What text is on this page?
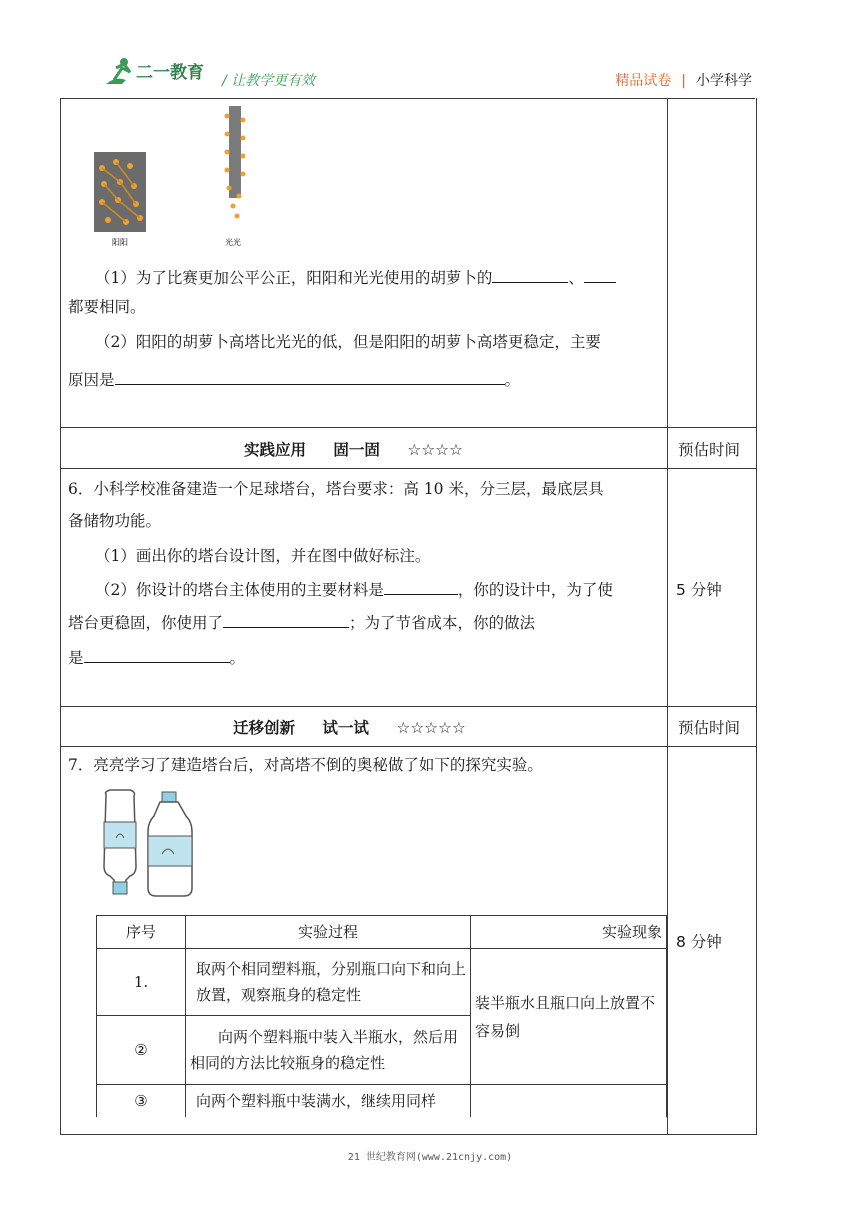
二一教育 / 让教学更有效	精品试卷 | 小学科学
阳阳	光光
（1）为了比赛更加公平公正，阳阳和光光使用的胡萝卜的	、
都要相同。
（2）阳阳的胡萝卜高塔比光光的低，但是阳阳的胡萝卜高塔更稳定，主要
原因是	。
实践应用 固一固 ☆☆☆☆	预估时间
6．小科学校准备建造一个足球塔台，塔台要求：高 10 米，分三层，最底层具
备储物功能。
（1）画出你的塔台设计图，并在图中做好标注。
（2）你设计的塔台主体使用的主要材料是	，你的设计中，为了使
塔台更稳固，你使用了	；为了节省成本，你的做法
是	。
5 分钟
迁移创新 试一试 ☆☆☆☆☆	预估时间
7．亮亮学习了建造塔台后，对高塔不倒的奥秘做了如下的探究实验。
序号	实验过程	实验现象
1.	取两个相同塑料瓶，分别瓶口向下和向上放置，观察瓶身的稳定性	装半瓶水且瓶口向上放置不容易倒
②	向两个塑料瓶中装入半瓶水，然后用相同的方法比较瓶身的稳定性	
③	向两个塑料瓶中装满水，继续用同样	
8 分钟
21 世纪教育网(www.21cnjy.com)
